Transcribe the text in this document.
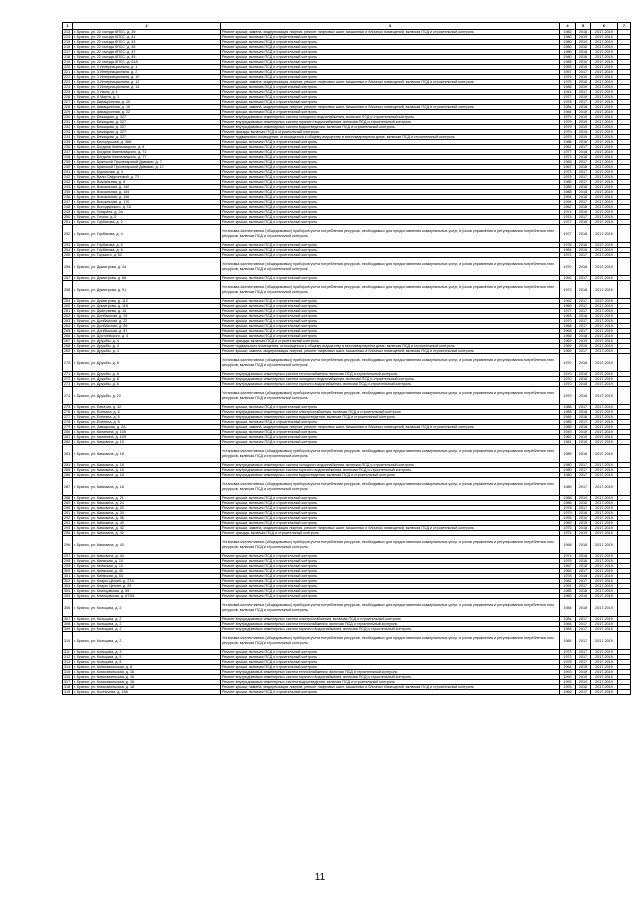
1	2	3	4	5	6	7
213	г. Брянск, ул. 22 съезда КПСС, д. 39	Ремонт крыши, замена, модернизация лифтов, ремонт лифтовых шахт, машинных и блочных помещений, включая ПСД и строительный контроль	1982	2018	2017-2019	
214	г. Брянск, ул. 22 съезда КПСС, д. 41	Ремонт крыши, включая ПСД и строительный контроль	1980	2019	2017-2019	
215	г. Брянск, ул. 22 съезда КПСС, д. 43	Ремонт крыши, включая ПСД и строительный контроль	1980	2019	2017-2019	
216	г. Брянск, ул. 22 съезда КПСС, д. 45	Ремонт крыши, включая ПСД и строительный контроль	1980	2018	2017-2019	
217	г. Брянск, ул. 22 съезда КПСС, д. 47	Ремонт крыши, включая ПСД и строительный контроль	1980	2018	2017-2019	
218	г. Брянск, ул. 22 съезда КПСС, д. 49	Ремонт крыши, включая ПСД и строительный контроль	1980	2018	2017-2019	
219	г. Брянск, ул. 22 съезда КПСС, д. 51А	Ремонт крыши, включая ПСД и строительный контроль	1985	2019	2017-2019	
220	г. Брянск, ул. 3 Интернационала, д. 1	Ремонт крыши, включая ПСД и строительный контроль	1959	2019	2017-2019	
221	г. Брянск, ул. 3 Интернационала, д. 2	Ремонт крыши, включая ПСД и строительный контроль	1957	2017	2017-2019	
222	г. Брянск, ул. 3 Интернационала, д. 10	Ремонт крыши, включая ПСД и строительный контроль	1976	2019	2017-2019	
223	г. Брянск, ул. 3 Интернационала, д. 12	Ремонт крыши, замена, модернизация лифтов, ремонт лифтовых шахт, машинных и блочных помещений, включая ПСД и строительный контроль	1975	2018	2017-2019	
224	г. Брянск, ул. 3 Интернационала, д. 14	Ремонт крыши, включая ПСД и строительный контроль	1986	2019	2017-2019	
225	г. Брянск, ул. 3 Июля, д. 1	Ремонт крыши, включая ПСД и строительный контроль	1941	2017	2017-2019	
226	г. Брянск, ул. 8 Марта, д. 1	Ремонт крыши, включая ПСД и строительный контроль	1977	2019	2017-2019	
227	г. Брянск, ул. Авиационная, д. 10	Ремонт крыши, включая ПСД и строительный контроль	1978	2017	2017-2019	
228	г. Брянск, ул. Авиационная, д. 16	Ремонт крыши, замена, модернизация лифтов, ремонт лифтовых шахт, машинных и блочных помещений, включая ПСД и строительный контроль	1984	2018	2017-2019	
229	г. Брянск, ул. Авиационная, д. 22	Ремонт крыши, включая ПСД и строительный контроль	1984	2019	2017-2019	
230	г. Брянск, ул. Бежицкая, д. 327	Ремонт внутридомовых инженерных систем холодного водоснабжения, включая ПСД и строительный контроль	1979	2019	2017-2019	
231	г. Брянск, ул. Бежицкая, д. 327	Ремонт внутридомовых инженерных систем горячего водоснабжения, включая ПСД и строительный контроль	1979	2019	2017-2019	
232	г. Брянск, ул. Бежицкая, д. 327	Ремонт внутридомовых инженерных систем водоотведения, включая ПСД и строительный контроль	1979	2019	2017-2019	
233	г. Брянск, ул. Бежицкая, д. 327	Ремонт фасада, включая ПСД и строительный контроль	1979	2019	2017-2019	
234	г. Брянск, ул. Бежицкая, д. 327	Ремонт подвального помещения, относящегося к общему имуществу в многоквартирном доме, включая ПСД и строительный контроль	1979	2019	2017-2019	
235	г. Брянск, ул. Белорусская, д. 38А	Ремонт крыши, включая ПСД и строительный контроль	1986	2018	2017-2019	
236	г. Брянск, ул. Богдана Хмельницкого, д. 8	Ремонт крыши, включая ПСД и строительный контроль	1961	2017	2017-2019	
237	г. Брянск, ул. Богдана Хмельницкого, д. 71	Ремонт крыши, включая ПСД и строительный контроль	1977	2018	2017-2019	
238	г. Брянск, ул. Богдана Хмельницкого, д. 77	Ремонт крыши, включая ПСД и строительный контроль	1973	2018	2017-2019	
239	г. Брянск, ул. Брянской Пролетарской Дивизии, д. 7	Ремонт крыши, включая ПСД и строительный контроль	1965	2017	2017-2019	
240	г. Брянск, ул. Брянской Пролетарской Дивизии, д. 17	Ремонт крыши, включая ПСД и строительный контроль	1967	2018	2017-2019	
241	г. Брянск, ул. Бурникова, д. 4	Ремонт крыши, включая ПСД и строительный контроль	1973	2017	2017-2019	
242	г. Брянск, ул. Вали Сафроновой, д. 73	Ремонт крыши, включая ПСД и строительный контроль	1978	2017	2017-2019	
243	г. Брянск, ул. Вокзальная, д. 8	Ремонт крыши, включая ПСД и строительный контроль	1985	2017	2017-2019	
244	г. Брянск, ул. Вокзальная, д. 140	Ремонт крыши, включая ПСД и строительный контроль	1985	2018	2017-2019	
245	г. Брянск, ул. Вокзальная, д. 154	Ремонт крыши, включая ПСД и строительный контроль	1988	2018	2017-2019	
246	г. Брянск, ул. Вокзальная, д. 156	Ремонт крыши, включая ПСД и строительный контроль	1994	2018	2017-2019	
247	г. Брянск, ул. Вокзальная, д. 170	Ремонт крыши, включая ПСД и строительный контроль	1994	2017	2017-2019	
248	г. Брянск, ул. Володарского, д. 15	Ремонт крыши, включая ПСД и строительный контроль	1962	2018	2017-2019	
249	г. Брянск, ул. Гагарина, д. 2А	Ремонт крыши, включая ПСД и строительный контроль	1974	2019	2017-2019	
250	г. Брянск, ул. Гоголя, д. 5	Ремонт крыши, включая ПСД и строительный контроль	1974	2017	2017-2019	
251	г. Брянск, ул. Горбатова, д. 2	Ремонт крыши, включая ПСД и строительный контроль	1977	2018	2017-2019	
252	г. Брянск, ул. Горбатова, д. 4	Установка коллективных (общедомовых) приборов учета потребления ресурсов, необходимых для предоставления коммунальных услуг, и узлов управления и регулирования потребления этих ресурсов, включая ПСД и строительный контроль	1977	2018	2017-2019	
253	г. Брянск, ул. Горбатова, д. 5	Ремонт крыши, включая ПСД и строительный контроль	1976	2018	2017-2019	
254	г. Брянск, ул. Горбатова, д. 6	Ремонт крыши, включая ПСД и строительный контроль	1984	2019	2017-2019	
255	г. Брянск, ул. Горького, д. 62	Ремонт крыши, включая ПСД и строительный контроль	1974	2017	2017-2019	
256	г. Брянск, ул. Димитрова, д. 44	Установка коллективных (общедомовых) приборов учета потребления ресурсов, необходимых для предоставления коммунальных услуг, и узлов управления и регулирования потребления этих ресурсов, включая ПСД и строительный контроль	1970	2018	2017-2019	
257	г. Брянск, ул. Димитрова, д. 68	Ремонт крыши, включая ПСД и строительный контроль	1992	2017	2017-2019	
258	г. Брянск, ул. Димитрова, д. 91	Установка коллективных (общедомовых) приборов учета потребления ресурсов, необходимых для предоставления коммунальных услуг, и узлов управления и регулирования потребления этих ресурсов, включая ПСД и строительный контроль	1973	2018	2017-2019	
259	г. Брянск, ул. Димитрова, д. 112	Ремонт крыши, включая ПСД и строительный контроль	1992	2017	2017-2019	
260	г. Брянск, ул. Димитрова, д. 118	Ремонт крыши, включая ПСД и строительный контроль	1969	2017	2017-2019	
261	г. Брянск, ул. Дмитриева, д. 16	Ремонт крыши, включая ПСД и строительный контроль	1977	2017	2017-2019	
262	г. Брянск, ул. Донбасская, д. 19	Ремонт крыши, включая ПСД и строительный контроль	1965	2018	2017-2019	
263	г. Брянск, ул. Донбасская, д. 22	Ремонт крыши, включая ПСД и строительный контроль	1970	2017	2017-2019	
264	г. Брянск, ул. Донбасская, д. 59	Ремонт крыши, включая ПСД и строительный контроль	1968	2017	2017-2019	
265	г. Брянск, ул. Донбасская, д. 61	Ремонт крыши, включая ПСД и строительный контроль	1968	2017	2017-2019	
266	г. Брянск, ул. Достоевского, д. 4	Ремонт крыши, включая ПСД и строительный контроль	1966	2018	2017-2019	
267	г. Брянск, ул. Дружбы, д. 4	Ремонт фасада, включая ПСД и строительный контроль	1969	2019	2017-2019	
268	г. Брянск, ул. Дружбы, д. 4	Ремонт подвального помещения, относящегося к общему имуществу в многоквартирном доме, включая ПСД и строительный контроль	1969	2019	2017-2019	
269	г. Брянск, ул. Дружбы, д. 4	Ремонт крыши, замена, модернизация лифтов, ремонт лифтовых шахт, машинных и блочных помещений, включая ПСД и строительный контроль	1969	2017	2017-2019	
270	г. Брянск, ул. Дружбы, д. 8	Установка коллективных (общедомовых) приборов учета потребления ресурсов, необходимых для предоставления коммунальных услуг, и узлов управления и регулирования потребления этих ресурсов, включая ПСД и строительный контроль	1970	2018	2017-2019	
271	г. Брянск, ул. Дружбы, д. 8	Ремонт внутридомовых инженерных систем теплоснабжения, включая ПСД и строительный контроль	1970	2018	2017-2019	
272	г. Брянск, ул. Дружбы, д. 8	Ремонт внутридомовых инженерных систем холодного водоснабжения, включая ПСД и строительный контроль	1970	2018	2017-2019	
273	г. Брянск, ул. Дружбы, д. 8	Ремонт внутридомовых инженерных систем горячего водоснабжения, включая ПСД и строительный контроль	1970	2018	2017-2019	
274	г. Брянск, ул. Дружбы, д. 22	Установка коллективных (общедомовых) приборов учета потребления ресурсов, необходимых для предоставления коммунальных услуг, и узлов управления и регулирования потребления этих ресурсов, включая ПСД и строительный контроль	1970	2018	2017-2019	
275	г. Брянск, ул. Евпатия, д. 42	Ремонт крыши, включая ПСД и строительный контроль	1988	2017	2017-2019	
276	г. Брянск, ул. Есенина, д. 6	Ремонт внутридомовых инженерных систем электроснабжения, включая ПСД и строительный контроль	1985	2018	2017-2019	
277	г. Брянск, ул. Есенина, д. 6	Ремонт внутридомовых инженерных систем водоотведения, включая ПСД и строительный контроль	1985	2018	2017-2019	
278	г. Брянск, ул. Есенина, д. 6	Ремонт крыши, включая ПСД и строительный контроль	1985	2017	2017-2019	
279	г. Брянск, ул. Заводская, д. 2А	Ремонт крыши, замена, модернизация лифтов, ремонт лифтовых шахт, машинных и блочных помещений, включая ПСД и строительный контроль	1986	2018	2017-2019	
280	г. Брянск, ул. Калинина, д. 105	Ремонт крыши, включая ПСД и строительный контроль	1949	2019	2017-2019	
281	г. Брянск, ул. Калинина, д. 109	Ремонт крыши, включая ПСД и строительный контроль	1962	2019	2017-2019	
282	г. Брянск, ул. Камозина, д. 10	Ремонт крыши, включая ПСД и строительный контроль	1981	2019	2017-2019	
283	г. Брянск, ул. Камозина, д. 18	Установка коллективных (общедомовых) приборов учета потребления ресурсов, необходимых для предоставления коммунальных услуг, и узлов управления и регулирования потребления этих ресурсов, включая ПСД и строительный контроль	1980	2018	2017-2019	
284	г. Брянск, ул. Камозина, д. 18	Ремонт внутридомовых инженерных систем холодного водоснабжения, включая ПСД и строительный контроль	1980	2017	2017-2019	
285	г. Брянск, ул. Камозина, д. 18	Ремонт внутридомовых инженерных систем горячего водоснабжения, включая ПСД и строительный контроль	1980	2017	2017-2019	
286	г. Брянск, ул. Камозина, д. 18	Ремонт внутридомовых инженерных систем водоотведения, включая ПСД и строительный контроль	1980	2017	2017-2019	
287	г. Брянск, ул. Камозина, д. 18	Установка коллективных (общедомовых) приборов учета потребления ресурсов, необходимых для предоставления коммунальных услуг, и узлов управления и регулирования потребления этих ресурсов, включая ПСД и строительный контроль	1980	2017	2017-2019	
288	г. Брянск, ул. Камозина, д. 21	Ремонт крыши, включая ПСД и строительный контроль	1988	2019	2017-2019	
289	г. Брянск, ул. Камозина, д. 24	Ремонт крыши, включая ПСД и строительный контроль	1986	2018	2017-2019	
290	г. Брянск, ул. Камозина, д. 30	Ремонт крыши, включая ПСД и строительный контроль	1978	2017	2017-2019	
291	г. Брянск, ул. Камозина, д. 34	Ремонт крыши, включая ПСД и строительный контроль	1979	2018	2017-2019	
292	г. Брянск, ул. Камозина, д. 36	Ремонт крыши, включая ПСД и строительный контроль	1993	2019	2017-2019	
293	г. Брянск, ул. Камозина, д. 40	Ремонт крыши, включая ПСД и строительный контроль	1969	2019	2017-2019	
294	г. Брянск, ул. Камозина, д. 42	Ремонт крыши, замена, модернизация лифтов, ремонт лифтовых шахт, машинных и блочных помещений, включая ПСД и строительный контроль	1975	2018	2017-2019	
295	г. Брянск, ул. Камозина, д. 42	Ремонт фасада, включая ПСД и строительный контроль	1975	2019	2017-2019	
296	г. Брянск, ул. Камозина, д. 43	Установка коллективных (общедомовых) приборов учета потребления ресурсов, необходимых для предоставления коммунальных услуг, и узлов управления и регулирования потребления этих ресурсов, включая ПСД и строительный контроль	1996	2018	2017-2019	
297	г. Брянск, ул. Камозина, д. 44	Ремонт крыши, включая ПСД и строительный контроль	1975	2018	2017-2019	
298	г. Брянск, ул. Киевская, д. 10	Ремонт крыши, включая ПСД и строительный контроль	1976	2018	2017-2019	
299	г. Брянск, ул. Киевская, д. 12	Ремонт крыши, включая ПСД и строительный контроль	1967	2018	2017-2019	
300	г. Брянск, ул. Киевская, д. 40	Ремонт крыши, включая ПСД и строительный контроль	1969	2017	2017-2019	
301	г. Брянск, ул. Киевская, д. 53	Ремонт крыши, включая ПСД и строительный контроль	1978	2018	2017-2019	
302	г. Брянск, ул. Клары Цеткин, д. 27А	Ремонт крыши, включая ПСД и строительный контроль	1981	2017	2017-2019	
303	г. Брянск, ул. Клары Цеткин, д. 29	Ремонт крыши, включая ПСД и строительный контроль	1991	2017	2017-2019	
304	г. Брянск, ул. Клинцовская, д. 55	Ремонт крыши, включая ПСД и строительный контроль	1985	2018	2017-2019	
305	г. Брянск, ул. Клинцовская, д. 67/58	Ремонт крыши, включая ПСД и строительный контроль	1969	2018	2017-2019	
306	г. Брянск, ул. Кольцова, д. 2	Установка коллективных (общедомовых) приборов учета потребления ресурсов, необходимых для предоставления коммунальных услуг, и узлов управления и регулирования потребления этих ресурсов, включая ПСД и строительный контроль	1984	2018	2017-2019	
307	г. Брянск, ул. Кольцова, д. 2	Ремонт внутридомовых инженерных систем электроснабжения, включая ПСД и строительный контроль	1984	2017	2017-2019	
308	г. Брянск, ул. Кольцова, д. 2	Ремонт внутридомовых инженерных систем теплоснабжения, включая ПСД и строительный контроль	1984	2017	2017-2019	
309	г. Брянск, ул. Кольцова, д. 2	Ремонт внутридомовых инженерных систем горячего водоснабжения, включая ПСД и строительный контроль	1984	2017	2017-2019	
310	г. Брянск, ул. Кольцова, д. 2	Установка коллективных (общедомовых) приборов учета потребления ресурсов, необходимых для предоставления коммунальных услуг, и узлов управления и регулирования потребления этих ресурсов, включая ПСД и строительный контроль	1984	2017	2017-2019	
311	г. Брянск, ул. Кольцова, д. 3	Ремонт крыши, включая ПСД и строительный контроль	1973	2017	2017-2019	
312	г. Брянск, ул. Кольцова, д. 5	Ремонт крыши, включая ПСД и строительный контроль	1973	2017	2017-2019	
313	г. Брянск, ул. Кольцова, д. 8	Ремонт крыши, включая ПСД и строительный контроль	1975	2017	2017-2019	
314	г. Брянск, ул. Комсомольская, д. 8	Ремонт крыши, включая ПСД и строительный контроль	1964	2019	2017-2019	
315	г. Брянск, ул. Комсомольская, д. 16	Ремонт внутридомовых инженерных систем теплоснабжения, включая ПСД и строительный контроль	1993	2019	2017-2019	
316	г. Брянск, ул. Комсомольская, д. 16	Ремонт внутридомовых инженерных систем горячего водоснабжения, включая ПСД и строительный контроль	1993	2019	2017-2019	
317	г. Брянск, ул. Комсомольская, д. 16	Ремонт внутридомовых инженерных систем водоотведения, включая ПСД и строительный контроль	1993	2019	2017-2019	
318	г. Брянск, ул. Комсомольская, д. 18	Ремонт крыши, замена, модернизация лифтов, ремонт лифтовых шахт, машинных и блочных помещений, включая ПСД и строительный контроль	1993	2018	2017-2019	
319	г. Брянск, ул. Костычева, д. 19А	Ремонт крыши, включая ПСД и строительный контроль	1969	2017	2017-2019	
11
